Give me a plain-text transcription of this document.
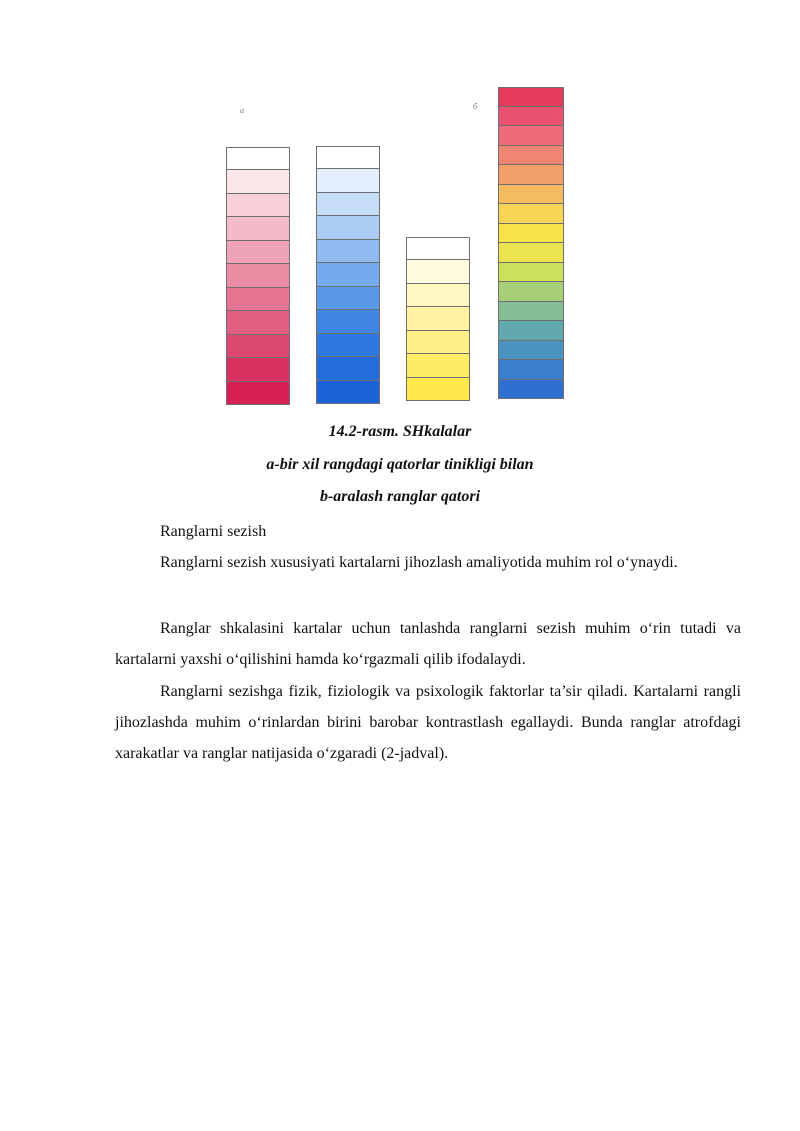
a	б
14.2-rasm. SHkalalar
a-bir xil rangdagi qatorlar tinikligi bilan
b-aralash ranglar qatori

Ranglarni sezish

Ranglarni sezish xususiyati kartalarni jihozlash amaliyotida muhim rol o‘ynaydi.

Ranglar shkalasini kartalar uchun tanlashda ranglarni sezish muhim o‘rin tutadi va kartalarni yaxshi o‘qilishini hamda ko‘rgazmali qilib ifodalaydi.

Ranglarni sezishga fizik, fiziologik va psixologik faktorlar ta’sir qiladi. Kartalarni rangli jihozlashda muhim o‘rinlardan birini barobar kontrastlash egallaydi. Bunda ranglar atrofdagi xarakatlar va ranglar natijasida o‘zgaradi (2-jadval).
